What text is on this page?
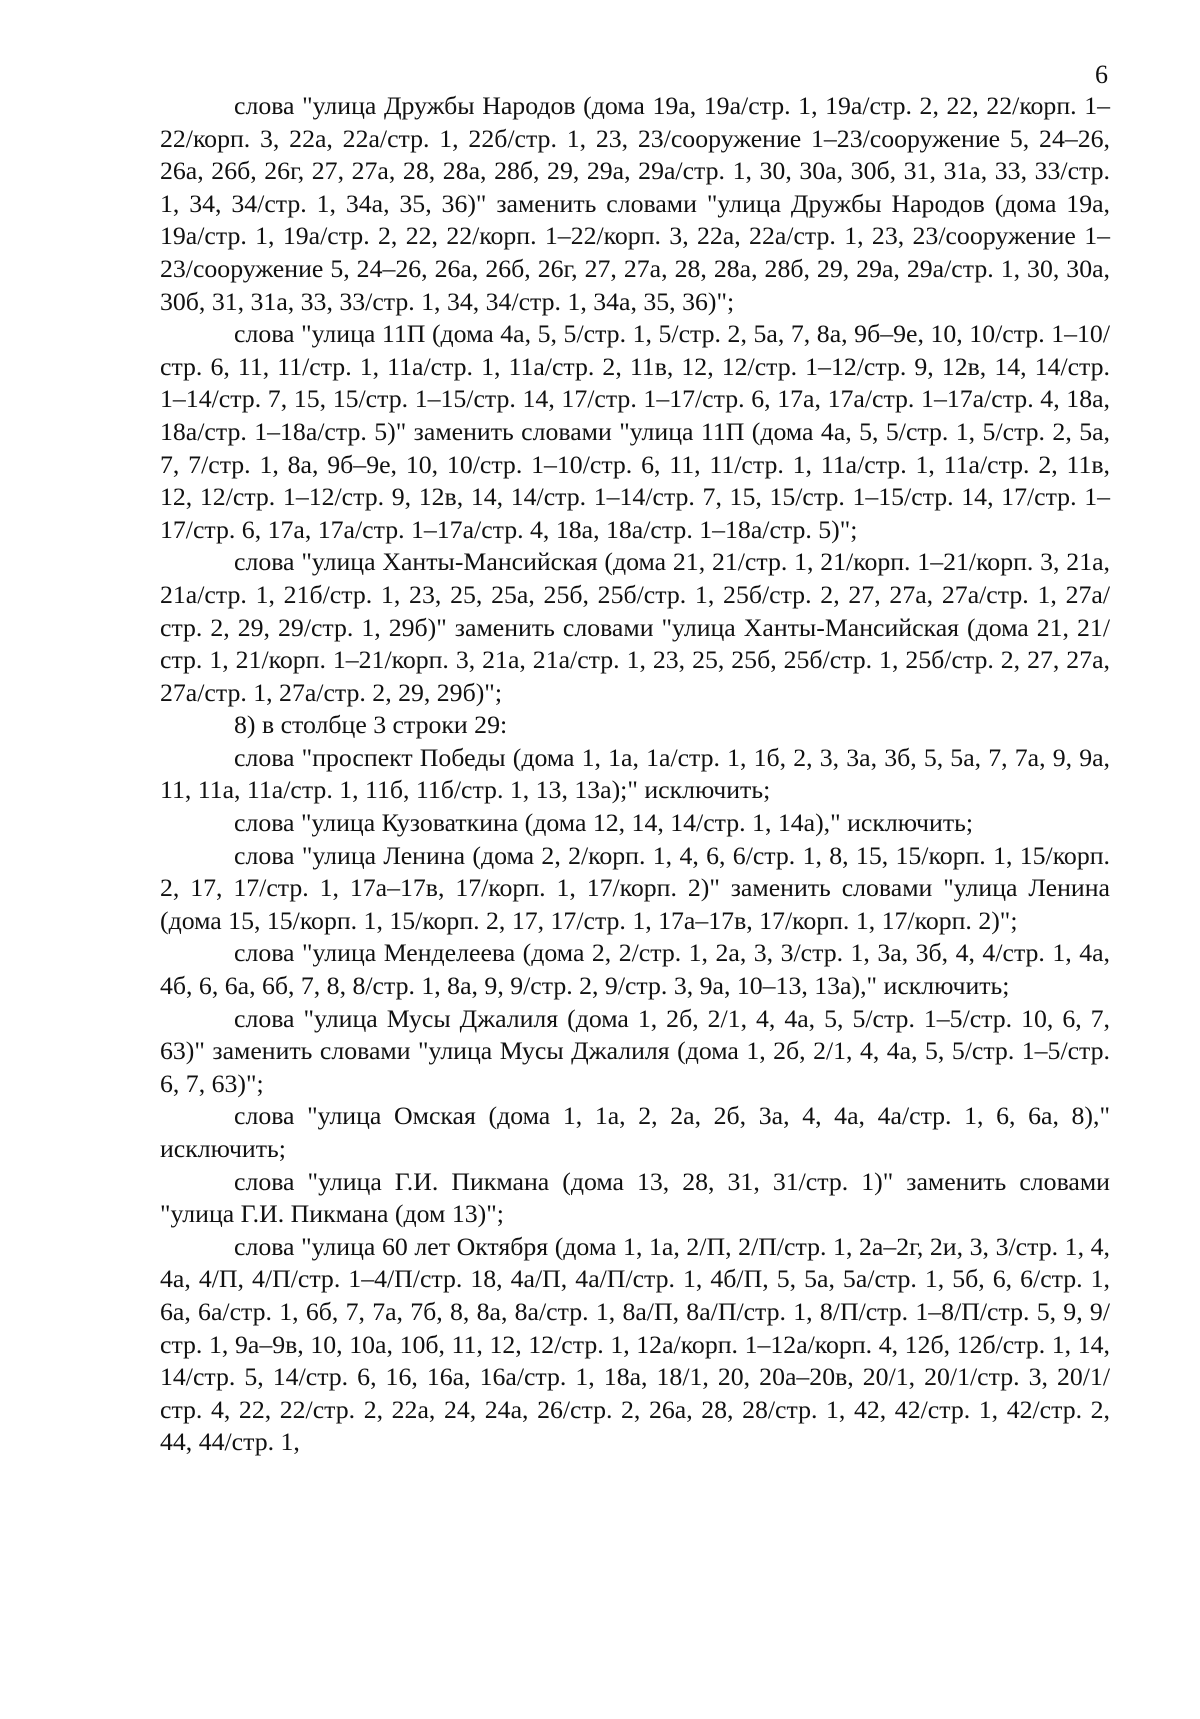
6

слова "улица Дружбы Народов (дома 19а, 19а/стр. 1, 19а/стр. 2, 22, 22/корп. 1–22/корп. 3, 22а, 22а/стр. 1, 22б/стр. 1, 23, 23/сооружение 1–23/сооружение 5, 24–26, 26а, 26б, 26г, 27, 27а, 28, 28а, 28б, 29, 29а, 29а/стр. 1, 30, 30а, 30б, 31, 31а, 33, 33/стр. 1, 34, 34/стр. 1, 34а, 35, 36)" заменить словами "улица Дружбы Народов (дома 19а, 19а/стр. 1, 19а/стр. 2, 22, 22/корп. 1–22/корп. 3, 22а, 22а/стр. 1, 23, 23/сооружение 1–23/сооружение 5, 24–26, 26а, 26б, 26г, 27, 27а, 28, 28а, 28б, 29, 29а, 29а/стр. 1, 30, 30а, 30б, 31, 31а, 33, 33/стр. 1, 34, 34/стр. 1, 34а, 35, 36)";

слова "улица 11П (дома 4а, 5, 5/стр. 1, 5/стр. 2, 5а, 7, 8а, 9б–9е, 10, 10/стр. 1–10/стр. 6, 11, 11/стр. 1, 11а/стр. 1, 11а/стр. 2, 11в, 12, 12/стр. 1–12/стр. 9, 12в, 14, 14/стр. 1–14/стр. 7, 15, 15/стр. 1–15/стр. 14, 17/стр. 1–17/стр. 6, 17а, 17а/стр. 1–17а/стр. 4, 18а, 18а/стр. 1–18а/стр. 5)" заменить словами "улица 11П (дома 4а, 5, 5/стр. 1, 5/стр. 2, 5а, 7, 7/стр. 1, 8а, 9б–9е, 10, 10/стр. 1–10/стр. 6, 11, 11/стр. 1, 11а/стр. 1, 11а/стр. 2, 11в, 12, 12/стр. 1–12/стр. 9, 12в, 14, 14/стр. 1–14/стр. 7, 15, 15/стр. 1–15/стр. 14, 17/стр. 1–17/стр. 6, 17а, 17а/стр. 1–17а/стр. 4, 18а, 18а/стр. 1–18а/стр. 5)";

слова "улица Ханты-Мансийская (дома 21, 21/стр. 1, 21/корп. 1–21/корп. 3, 21а, 21а/стр. 1, 21б/стр. 1, 23, 25, 25а, 25б, 25б/стр. 1, 25б/стр. 2, 27, 27а, 27а/стр. 1, 27а/стр. 2, 29, 29/стр. 1, 29б)" заменить словами "улица Ханты-Мансийская (дома 21, 21/стр. 1, 21/корп. 1–21/корп. 3, 21а, 21а/стр. 1, 23, 25, 25б, 25б/стр. 1, 25б/стр. 2, 27, 27а, 27а/стр. 1, 27а/стр. 2, 29, 29б)";

8) в столбце 3 строки 29:

слова "проспект Победы (дома 1, 1а, 1а/стр. 1, 1б, 2, 3, 3а, 3б, 5, 5а, 7, 7а, 9, 9а, 11, 11а, 11а/стр. 1, 11б, 11б/стр. 1, 13, 13а);" исключить;

слова "улица Кузоваткина (дома 12, 14, 14/стр. 1, 14а)," исключить;

слова "улица Ленина (дома 2, 2/корп. 1, 4, 6, 6/стр. 1, 8, 15, 15/корп. 1, 15/корп. 2, 17, 17/стр. 1, 17а–17в, 17/корп. 1, 17/корп. 2)" заменить словами "улица Ленина (дома 15, 15/корп. 1, 15/корп. 2, 17, 17/стр. 1, 17а–17в, 17/корп. 1, 17/корп. 2)";

слова "улица Менделеева (дома 2, 2/стр. 1, 2а, 3, 3/стр. 1, 3а, 3б, 4, 4/стр. 1, 4а, 4б, 6, 6а, 6б, 7, 8, 8/стр. 1, 8а, 9, 9/стр. 2, 9/стр. 3, 9а, 10–13, 13а)," исключить;

слова "улица Мусы Джалиля (дома 1, 2б, 2/1, 4, 4а, 5, 5/стр. 1–5/стр. 10, 6, 7, 63)" заменить словами "улица Мусы Джалиля (дома 1, 2б, 2/1, 4, 4а, 5, 5/стр. 1–5/стр. 6, 7, 63)";

слова "улица Омская (дома 1, 1а, 2, 2а, 2б, 3а, 4, 4а, 4а/стр. 1, 6, 6а, 8)," исключить;

слова "улица Г.И. Пикмана (дома 13, 28, 31, 31/стр. 1)" заменить словами "улица Г.И. Пикмана (дом 13)";

слова "улица 60 лет Октября (дома 1, 1а, 2/П, 2/П/стр. 1, 2а–2г, 2и, 3, 3/стр. 1, 4, 4а, 4/П, 4/П/стр. 1–4/П/стр. 18, 4а/П, 4а/П/стр. 1, 4б/П, 5, 5а, 5а/стр. 1, 5б, 6, 6/стр. 1, 6а, 6а/стр. 1, 6б, 7, 7а, 7б, 8, 8а, 8а/стр. 1, 8а/П, 8а/П/стр. 1, 8/П/стр. 1–8/П/стр. 5, 9, 9/стр. 1, 9а–9в, 10, 10а, 10б, 11, 12, 12/стр. 1, 12а/корп. 1–12а/корп. 4, 12б, 12б/стр. 1, 14, 14/стр. 5, 14/стр. 6, 16, 16а, 16а/стр. 1, 18а, 18/1, 20, 20а–20в, 20/1, 20/1/стр. 3, 20/1/стр. 4, 22, 22/стр. 2, 22а, 24, 24а, 26/стр. 2, 26а, 28, 28/стр. 1, 42, 42/стр. 1, 42/стр. 2, 44, 44/стр. 1,
